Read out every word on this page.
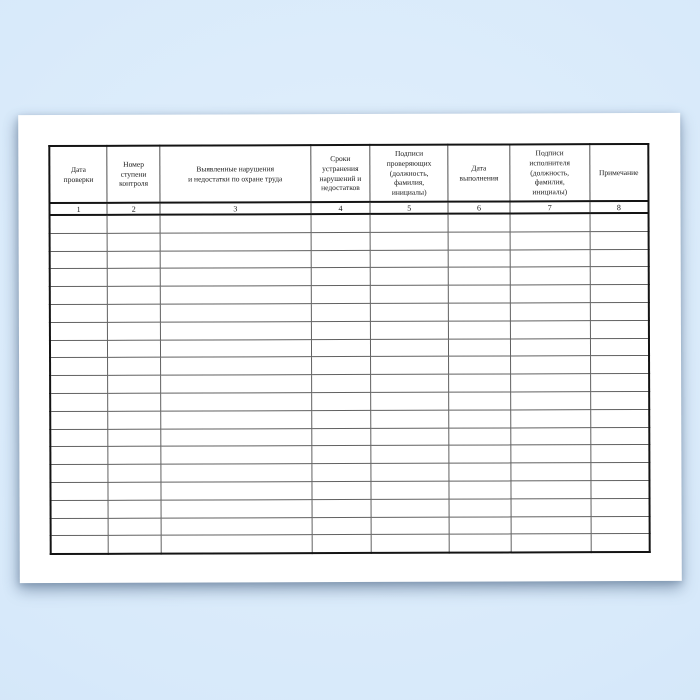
Дата
проверки	Номер
ступени
контроля	Выявленные нарушения
и недостатки по охране труда	Сроки
устранения
нарушений и
недостатков	Подписи
проверяющих
(должность,
фамилия,
инициалы)	Дата
выполнения	Подписи
исполнителя
(должность,
фамилия,
инициалы)	Примечание
1	2	3	4	5	6	7	8
